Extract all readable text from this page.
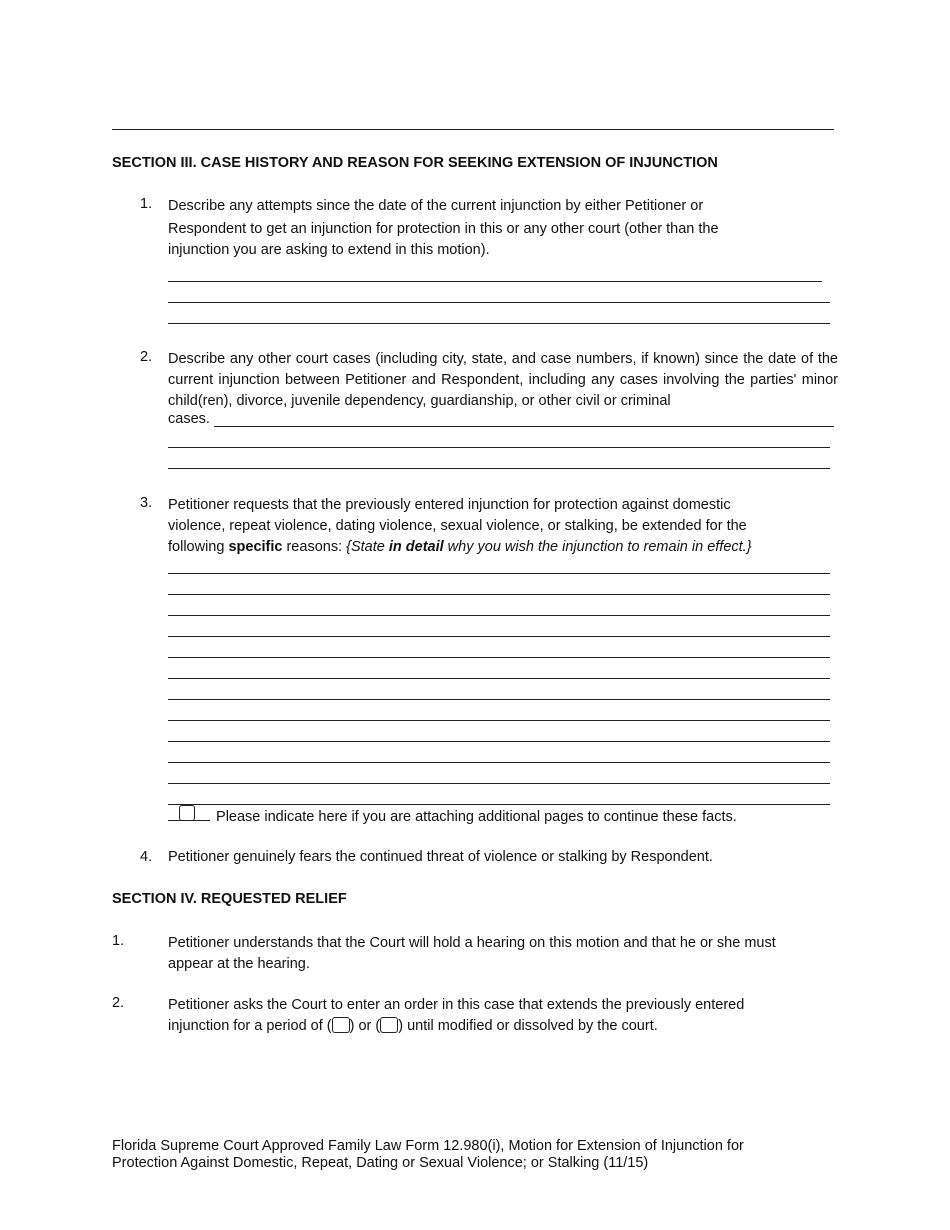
SECTION III. CASE HISTORY AND REASON FOR SEEKING EXTENSION OF INJUNCTION
1. Describe any attempts since the date of the current injunction by either Petitioner or
Respondent to get an injunction for protection in this or any other court (other than the
injunction you are asking to extend in this motion).
2. Describe any other court cases (including city, state, and case numbers, if known) since the date of the current injunction between Petitioner and Respondent, including any cases involving the parties' minor child(ren), divorce, juvenile dependency, guardianship, or other civil or criminal
cases.
3. Petitioner requests that the previously entered injunction for protection against domestic
violence, repeat violence, dating violence, sexual violence, or stalking, be extended for the
following specific reasons: {State in detail why you wish the injunction to remain in effect.}
Please indicate here if you are attaching additional pages to continue these facts.
4. Petitioner genuinely fears the continued threat of violence or stalking by Respondent.
SECTION IV. REQUESTED RELIEF
1.	Petitioner understands that the Court will hold a hearing on this motion and that he or she must
appear at the hearing.
2.	Petitioner asks the Court to enter an order in this case that extends the previously entered
injunction for a period of ( ) or ( ) until modified or dissolved by the court.
Florida Supreme Court Approved Family Law Form 12.980(i), Motion for Extension of Injunction for
Protection Against Domestic, Repeat, Dating or Sexual Violence; or Stalking (11/15)
